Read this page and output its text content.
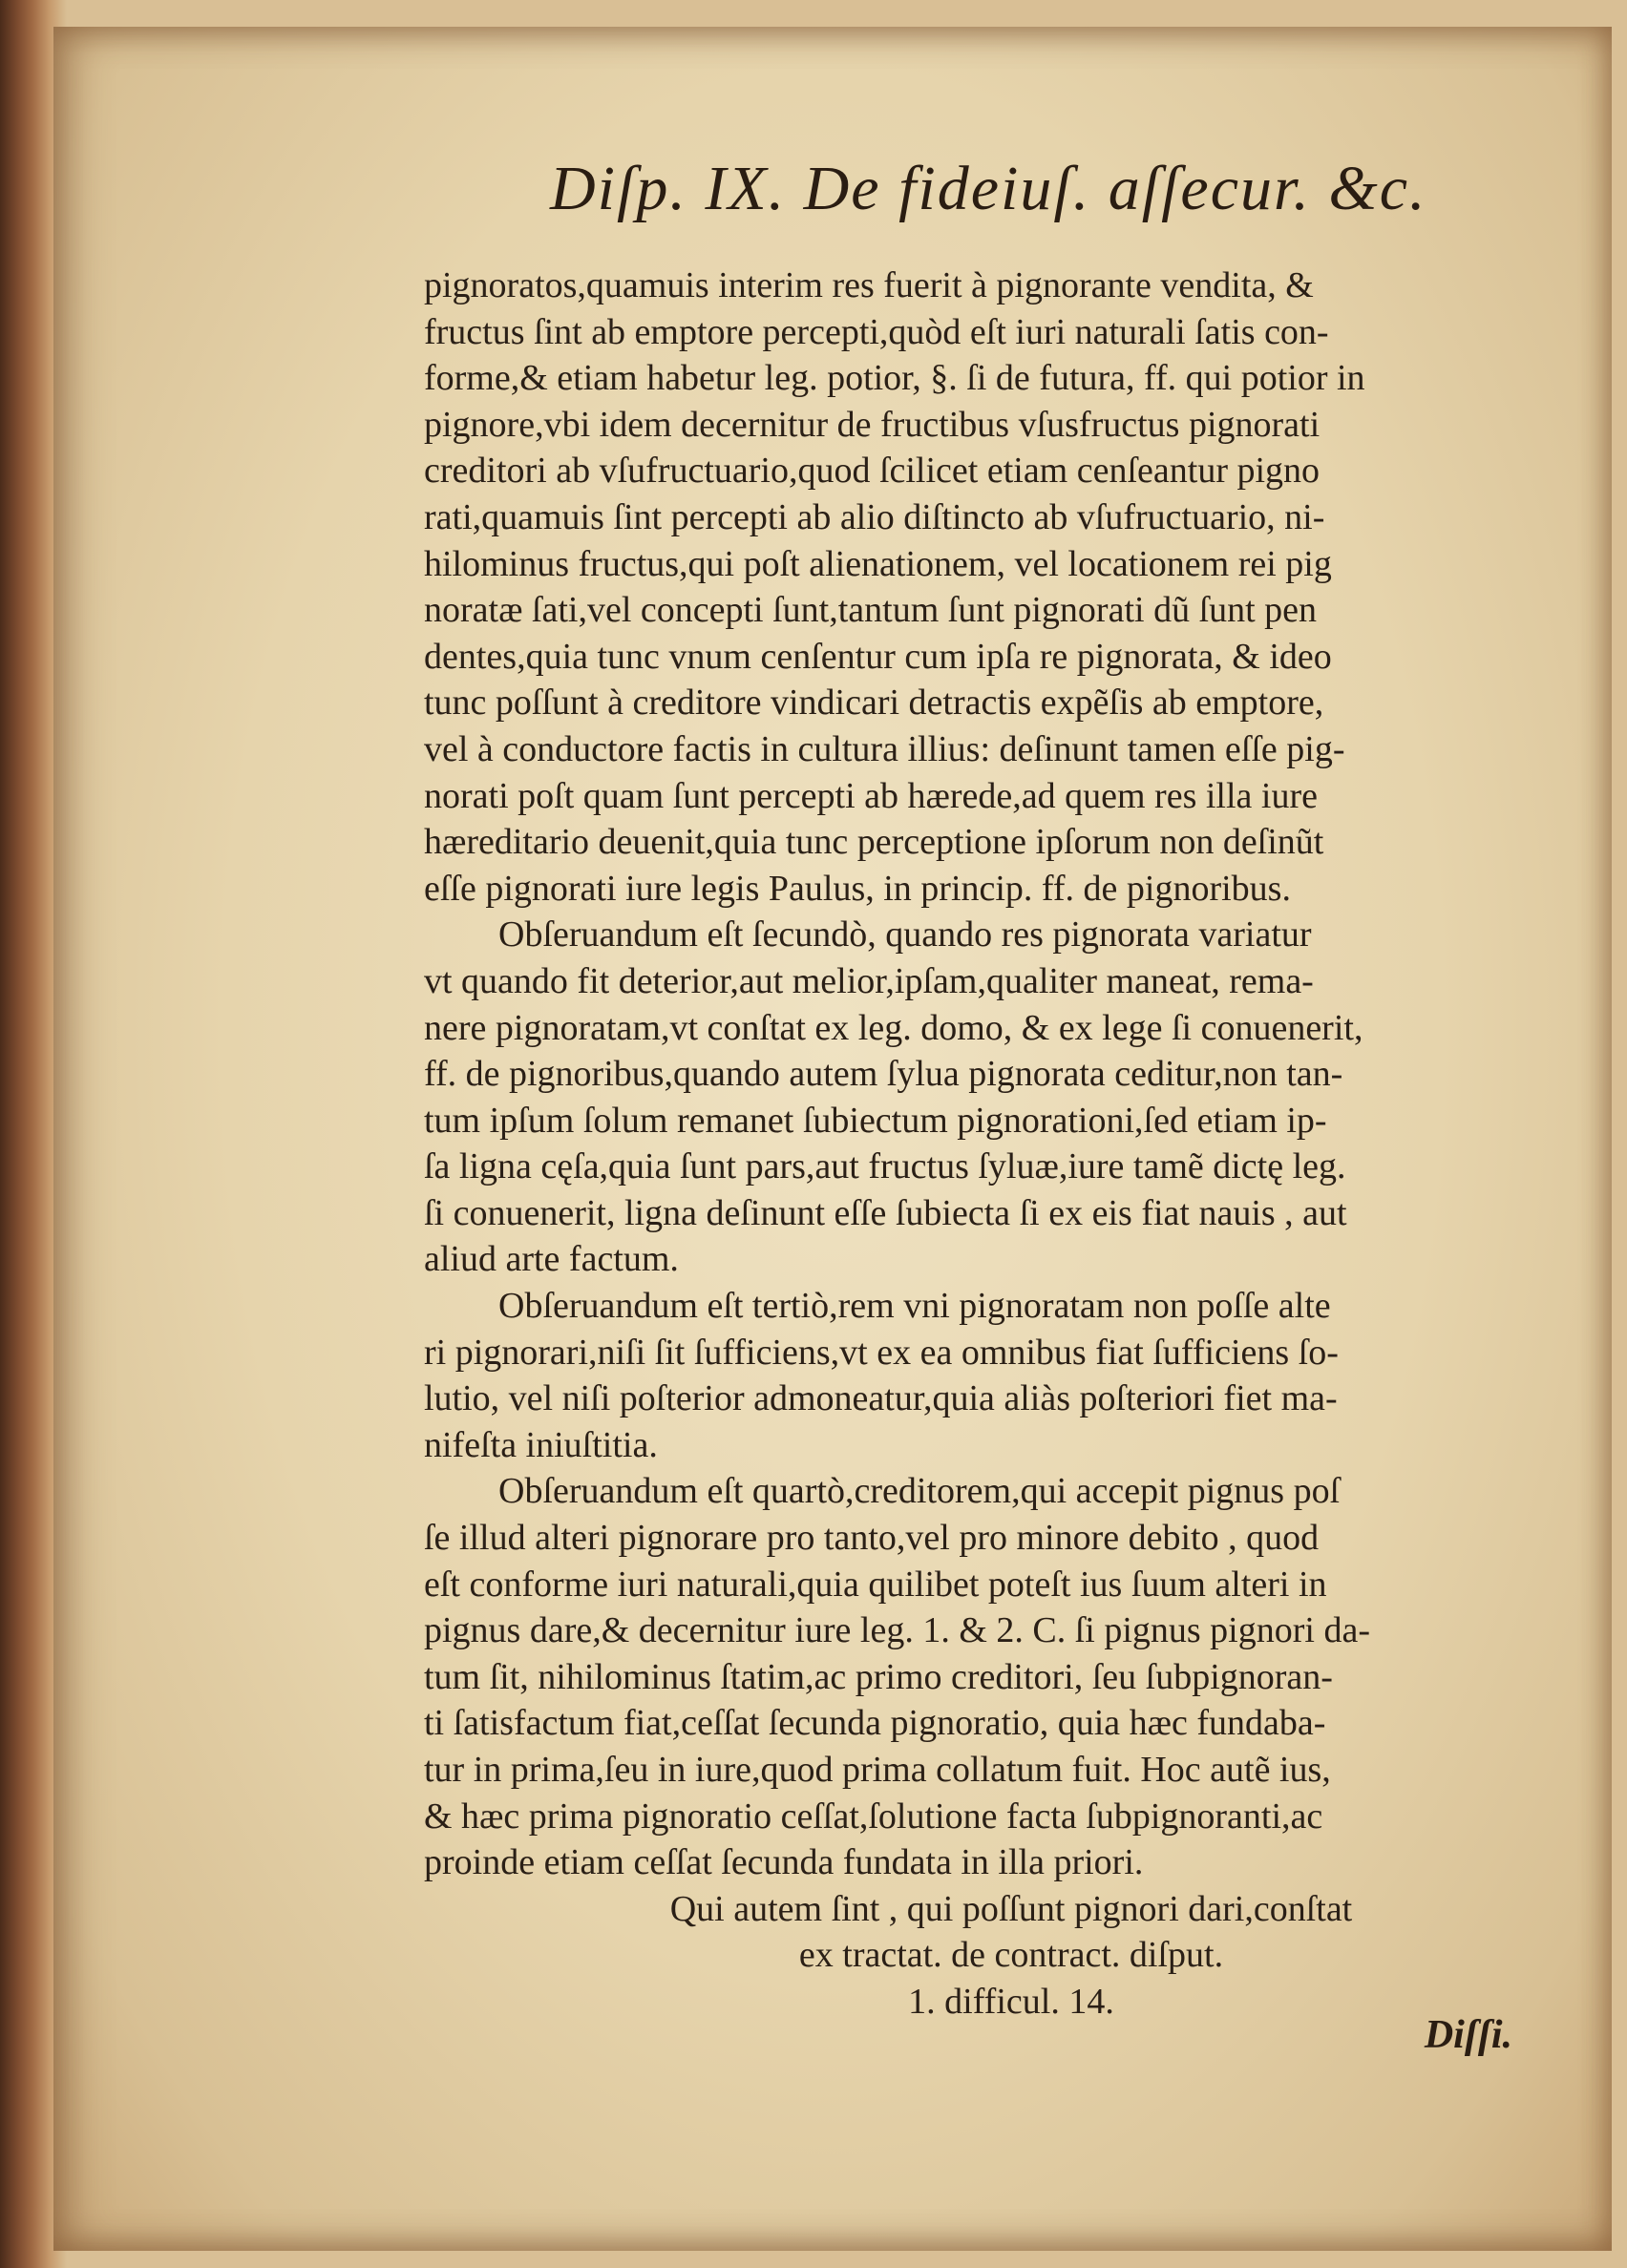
Diſp. IX. De fideiuſ. aſſecur. &c.
pignoratos,quamuis interim res fuerit à pignorante vendita, &
fructus ſint ab emptore percepti,quòd eſt iuri naturali ſatis con-
forme,& etiam habetur leg. potior, §. ſi de futura, ff. qui potior in
pignore,vbi idem decernitur de fructibus vſusfructus pignorati
creditori ab vſufructuario,quod ſcilicet etiam cenſeantur pigno
rati,quamuis ſint percepti ab alio diſtincto ab vſufructuario, ni-
hilominus fructus,qui poſt alienationem, vel locationem rei pig
noratæ ſati,vel concepti ſunt,tantum ſunt pignorati dũ ſunt pen
dentes,quia tunc vnum cenſentur cum ipſa re pignorata, & ideo
tunc poſſunt à creditore vindicari detractis expẽſis ab emptore,
vel à conductore factis in cultura illius: deſinunt tamen eſſe pig-
norati poſt quam ſunt percepti ab hærede,ad quem res illa iure
hæreditario deuenit,quia tunc perceptione ipſorum non deſinũt
eſſe pignorati iure legis Paulus, in princip. ff. de pignoribus.
Obſeruandum eſt ſecundò, quando res pignorata variatur
vt quando fit deterior,aut melior,ipſam,qualiter maneat, rema-
nere pignoratam,vt conſtat ex leg. domo, & ex lege ſi conuenerit,
ff. de pignoribus,quando autem ſylua pignorata ceditur,non tan-
tum ipſum ſolum remanet ſubiectum pignorationi,ſed etiam ip-
ſa ligna cęſa,quia ſunt pars,aut fructus ſyluæ,iure tamẽ dictę leg.
ſi conuenerit, ligna deſinunt eſſe ſubiecta ſi ex eis fiat nauis , aut
aliud arte factum.
Obſeruandum eſt tertiò,rem vni pignoratam non poſſe alte
ri pignorari,niſi ſit ſufficiens,vt ex ea omnibus fiat ſufficiens ſo-
lutio, vel niſi poſterior admoneatur,quia aliàs poſteriori fiet ma-
nifeſta iniuſtitia.
Obſeruandum eſt quartò,creditorem,qui accepit pignus poſ
ſe illud alteri pignorare pro tanto,vel pro minore debito , quod
eſt conforme iuri naturali,quia quilibet poteſt ius ſuum alteri in
pignus dare,& decernitur iure leg. 1. & 2. C. ſi pignus pignori da-
tum ſit, nihilominus ſtatim,ac primo creditori, ſeu ſubpignoran-
ti ſatisfactum fiat,ceſſat ſecunda pignoratio, quia hæc fundaba-
tur in prima,ſeu in iure,quod prima collatum fuit. Hoc autẽ ius,
& hæc prima pignoratio ceſſat,ſolutione facta ſubpignoranti,ac
proinde etiam ceſſat ſecunda fundata in illa priori.
Qui autem ſint , qui poſſunt pignori dari,conſtat
ex tractat. de contract. diſput.
1. difficul. 14.
Diſſi.
